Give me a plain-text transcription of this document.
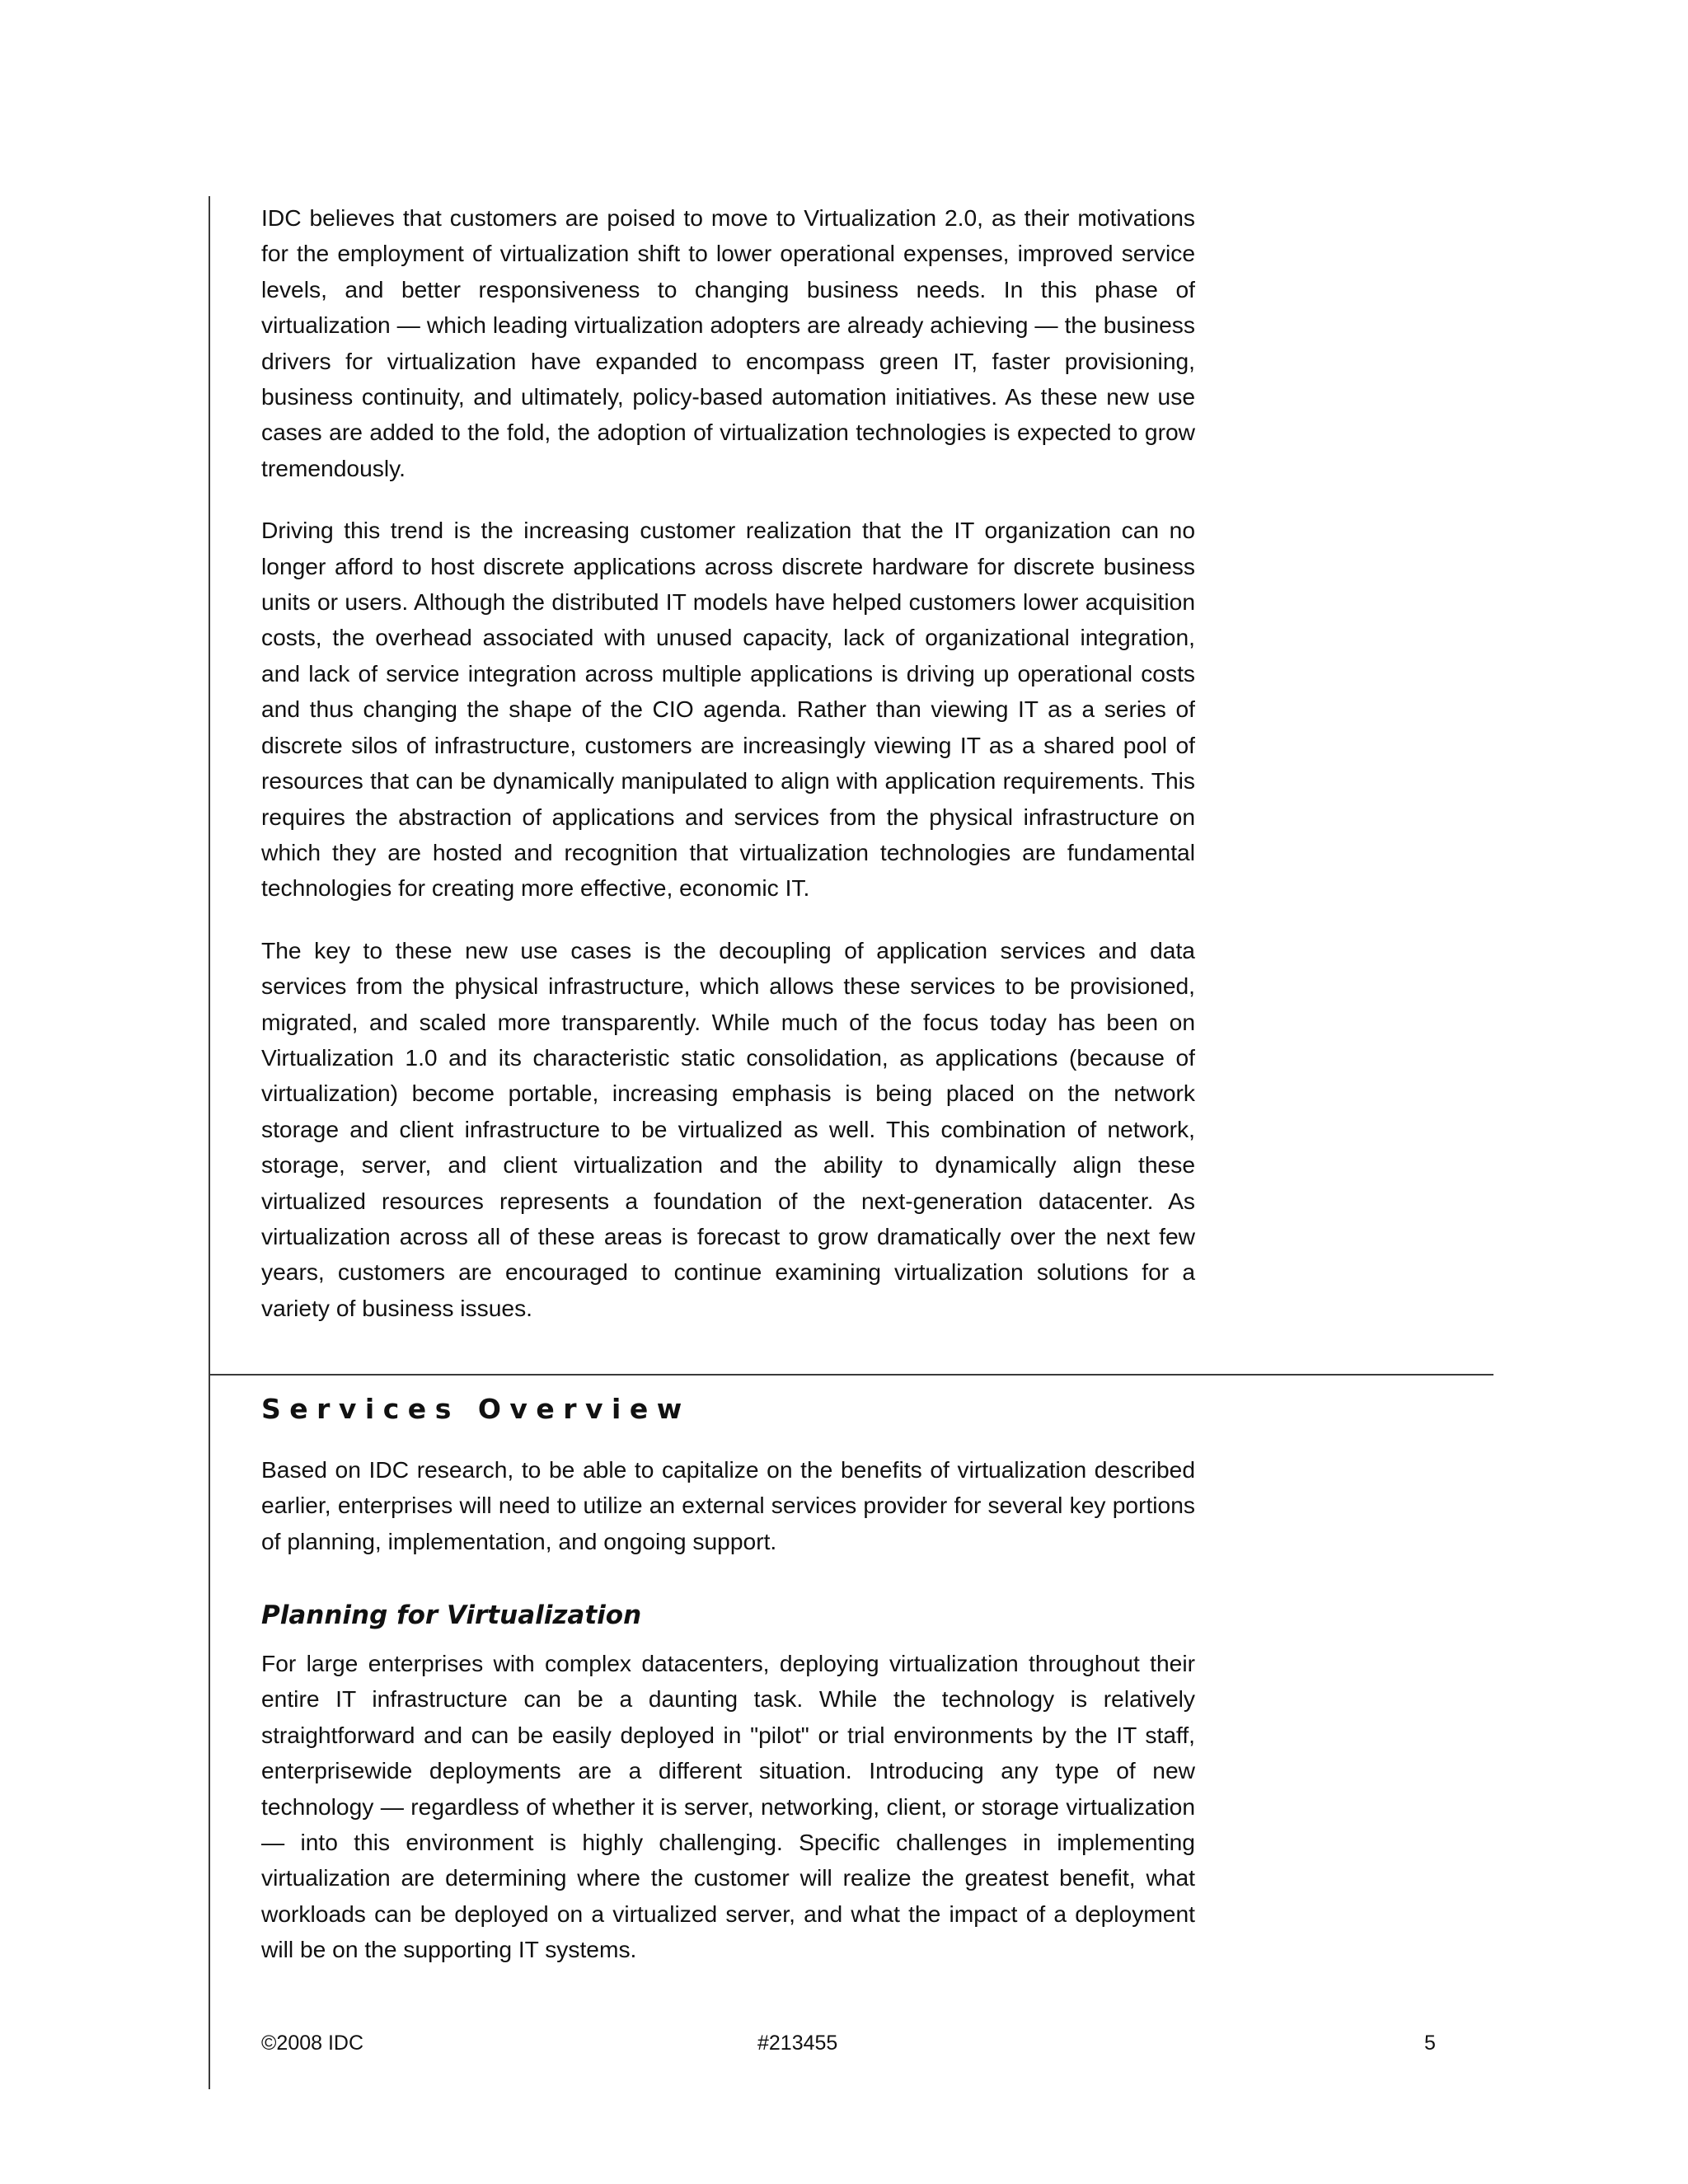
IDC believes that customers are poised to move to Virtualization 2.0, as their motivations for the employment of virtualization shift to lower operational expenses, improved service levels, and better responsiveness to changing business needs. In this phase of virtualization — which leading virtualization adopters are already achieving — the business drivers for virtualization have expanded to encompass green IT, faster provisioning, business continuity, and ultimately, policy-based automation initiatives. As these new use cases are added to the fold, the adoption of virtualization technologies is expected to grow tremendously.

Driving this trend is the increasing customer realization that the IT organization can no longer afford to host discrete applications across discrete hardware for discrete business units or users. Although the distributed IT models have helped customers lower acquisition costs, the overhead associated with unused capacity, lack of organizational integration, and lack of service integration across multiple applications is driving up operational costs and thus changing the shape of the CIO agenda. Rather than viewing IT as a series of discrete silos of infrastructure, customers are increasingly viewing IT as a shared pool of resources that can be dynamically manipulated to align with application requirements. This requires the abstraction of applications and services from the physical infrastructure on which they are hosted and recognition that virtualization technologies are fundamental technologies for creating more effective, economic IT.

The key to these new use cases is the decoupling of application services and data services from the physical infrastructure, which allows these services to be provisioned, migrated, and scaled more transparently. While much of the focus today has been on Virtualization 1.0 and its characteristic static consolidation, as applications (because of virtualization) become portable, increasing emphasis is being placed on the network storage and client infrastructure to be virtualized as well. This combination of network, storage, server, and client virtualization and the ability to dynamically align these virtualized resources represents a foundation of the next-generation datacenter. As virtualization across all of these areas is forecast to grow dramatically over the next few years, customers are encouraged to continue examining virtualization solutions for a variety of business issues.

Services Overview

Based on IDC research, to be able to capitalize on the benefits of virtualization described earlier, enterprises will need to utilize an external services provider for several key portions of planning, implementation, and ongoing support.

Planning for Virtualization

For large enterprises with complex datacenters, deploying virtualization throughout their entire IT infrastructure can be a daunting task. While the technology is relatively straightforward and can be easily deployed in "pilot" or trial environments by the IT staff, enterprisewide deployments are a different situation. Introducing any type of new technology — regardless of whether it is server, networking, client, or storage virtualization — into this environment is highly challenging. Specific challenges in implementing virtualization are determining where the customer will realize the greatest benefit, what workloads can be deployed on a virtualized server, and what the impact of a deployment will be on the supporting IT systems.

©2008 IDC	#213455	5
